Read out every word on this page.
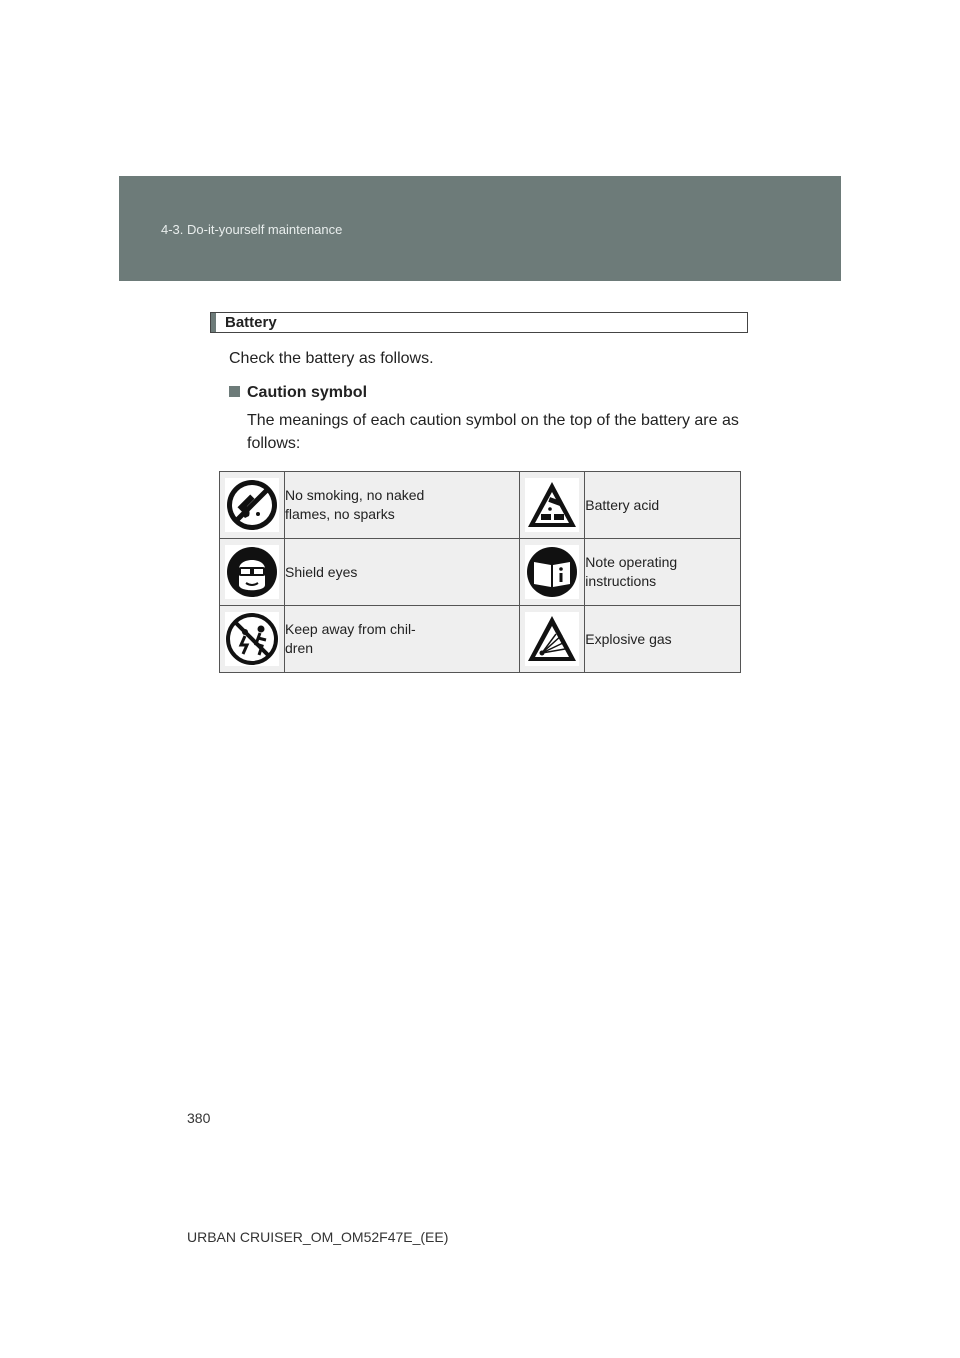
4-3. Do-it-yourself maintenance
Battery
Check the battery as follows.
Caution symbol
The meanings of each caution symbol on the top of the battery are as follows:

No smoking, no naked
flames, no sparks		Battery acid

Shield eyes		Note operating
instructions

Keep away from chil-
dren		Explosive gas
380
URBAN CRUISER_OM_OM52F47E_(EE)
